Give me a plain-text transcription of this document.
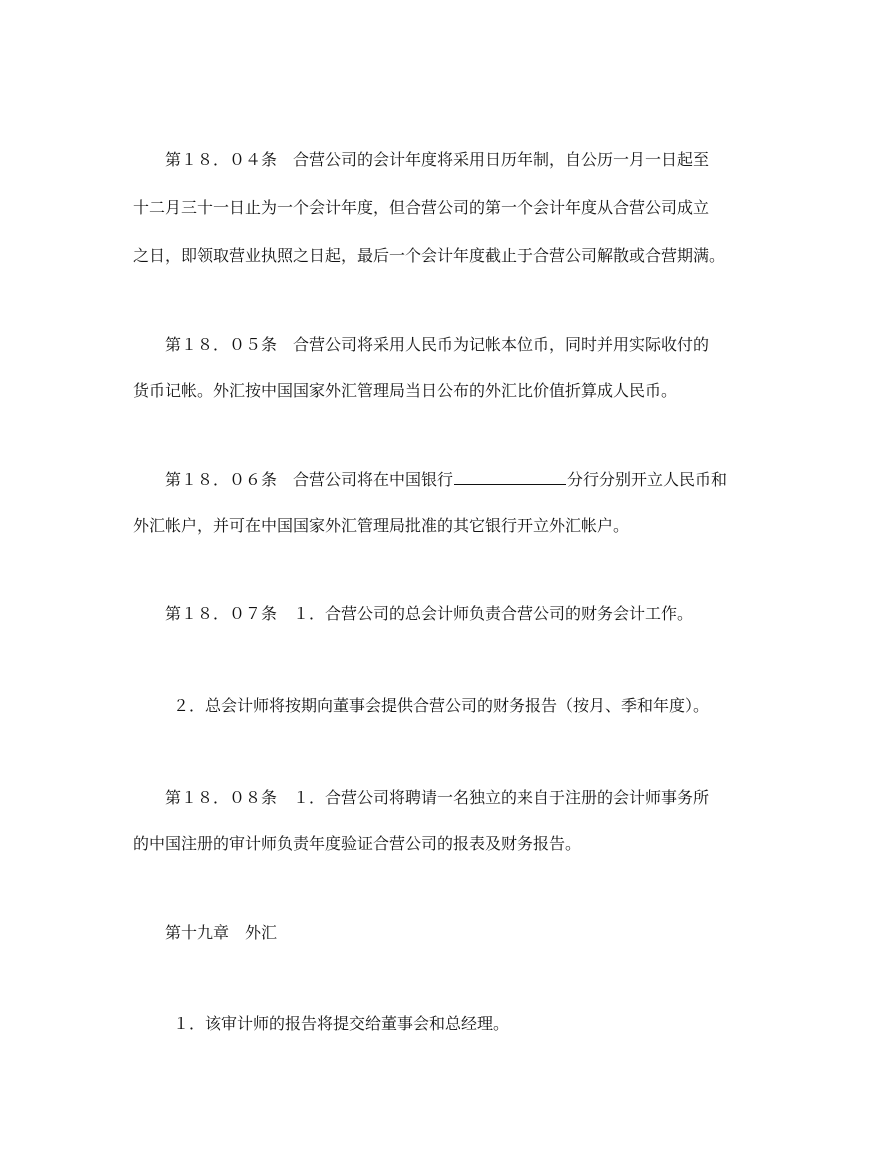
第１８．０４条　合营公司的会计年度将采用日历年制，自公历一月一日起至

十二月三十一日止为一个会计年度，但合营公司的第一个会计年度从合营公司成立

之日，即领取营业执照之日起，最后一个会计年度截止于合营公司解散或合营期满。

第１８．０５条　合营公司将采用人民币为记帐本位币，同时并用实际收付的

货币记帐。外汇按中国国家外汇管理局当日公布的外汇比价值折算成人民币。

第１８．０６条　合营公司将在中国银行	分行分别开立人民币和

外汇帐户，并可在中国国家外汇管理局批准的其它银行开立外汇帐户。

第１８．０７条　１．合营公司的总会计师负责合营公司的财务会计工作。

２．总会计师将按期向董事会提供合营公司的财务报告（按月、季和年度）。

第１８．０８条　１．合营公司将聘请一名独立的来自于注册的会计师事务所

的中国注册的审计师负责年度验证合营公司的报表及财务报告。

第十九章　外汇

１．该审计师的报告将提交给董事会和总经理。
